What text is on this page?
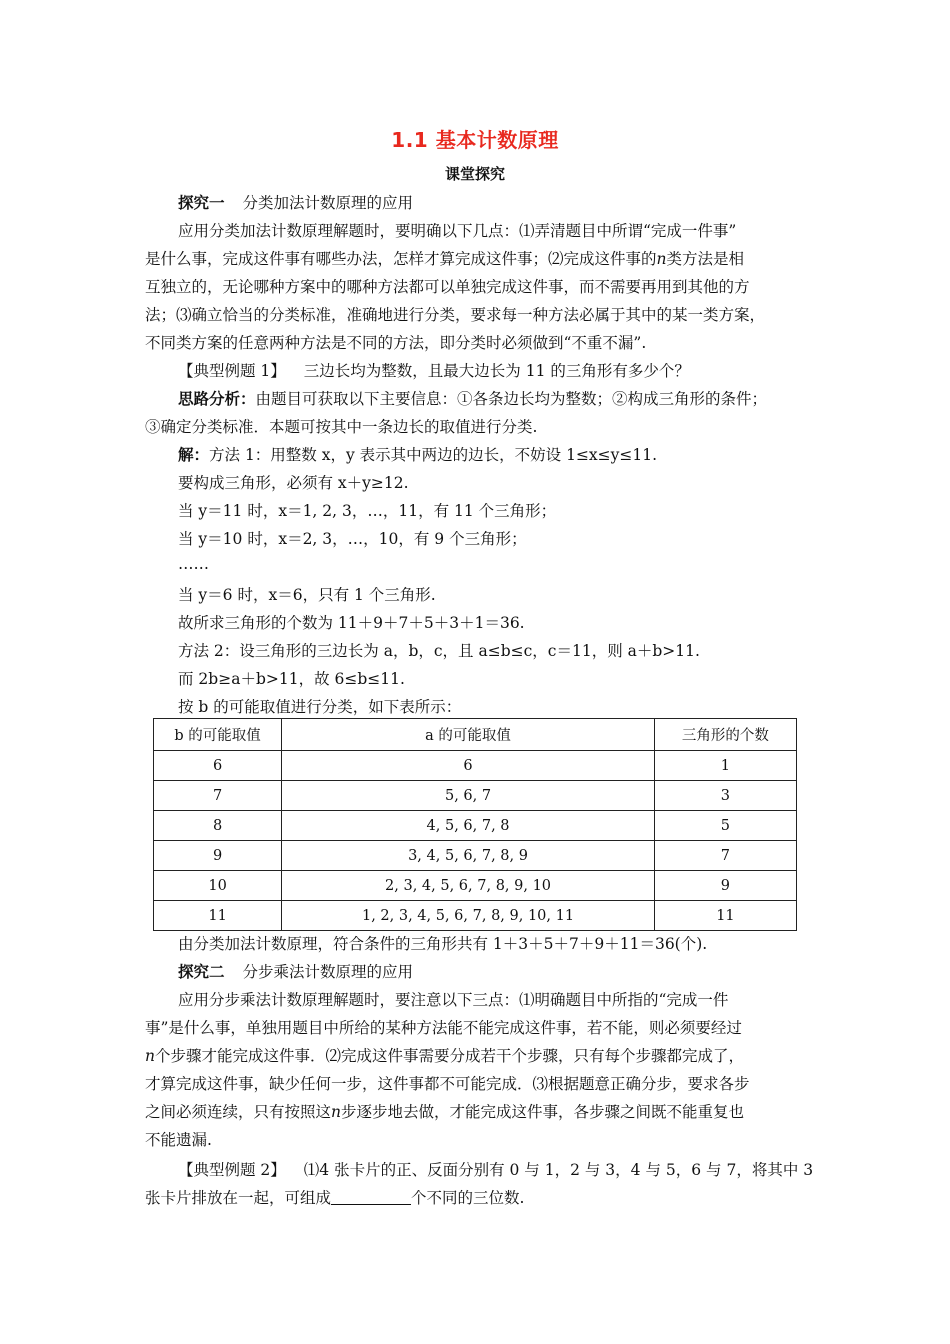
1.1 基本计数原理
课堂探究
探究一 分类加法计数原理的应用
应用分类加法计数原理解题时，要明确以下几点：⑴弄清题目中所谓“完成一件事”
是什么事，完成这件事有哪些办法，怎样才算完成这件事；⑵完成这件事的n类方法是相
互独立的，无论哪种方案中的哪种方法都可以单独完成这件事，而不需要再用到其他的方
法；⑶确立恰当的分类标准，准确地进行分类，要求每一种方法必属于其中的某一类方案，
不同类方案的任意两种方法是不同的方法，即分类时必须做到“不重不漏”.
【典型例题 1】 三边长均为整数，且最大边长为 11 的三角形有多少个？
思路分析：由题目可获取以下主要信息：①各条边长均为整数；②构成三角形的条件；
③确定分类标准．本题可按其中一条边长的取值进行分类.
解：方法 1：用整数 x，y 表示其中两边的边长，不妨设 1≤x≤y≤11.
要构成三角形，必须有 x＋y≥12.
当 y＝11 时，x＝1, 2, 3，…，11，有 11 个三角形；
当 y＝10 时，x＝2, 3，…，10，有 9 个三角形；
……
当 y＝6 时，x＝6，只有 1 个三角形.
故所求三角形的个数为 11＋9＋7＋5＋3＋1＝36.
方法 2：设三角形的三边长为 a，b，c，且 a≤b≤c，c＝11，则 a＋b>11.
而 2b≥a＋b>11，故 6≤b≤11.
按 b 的可能取值进行分类，如下表所示：
b 的可能取值	a 的可能取值	三角形的个数
6	6	1
7	5, 6, 7	3
8	4, 5, 6, 7, 8	5
9	3, 4, 5, 6, 7, 8, 9	7
10	2, 3, 4, 5, 6, 7, 8, 9, 10	9
11	1, 2, 3, 4, 5, 6, 7, 8, 9, 10, 11	11
由分类加法计数原理，符合条件的三角形共有 1＋3＋5＋7＋9＋11＝36(个).
探究二 分步乘法计数原理的应用
应用分步乘法计数原理解题时，要注意以下三点：⑴明确题目中所指的“完成一件
事”是什么事，单独用题目中所给的某种方法能不能完成这件事，若不能，则必须要经过
n个步骤才能完成这件事．⑵完成这件事需要分成若干个步骤，只有每个步骤都完成了，
才算完成这件事，缺少任何一步，这件事都不可能完成．⑶根据题意正确分步，要求各步
之间必须连续，只有按照这n步逐步地去做，才能完成这件事，各步骤之间既不能重复也
不能遗漏.
【典型例题 2】 ⑴4 张卡片的正、反面分别有 0 与 1，2 与 3，4 与 5，6 与 7，将其中 3
张卡片排放在一起，可组成	个不同的三位数.
